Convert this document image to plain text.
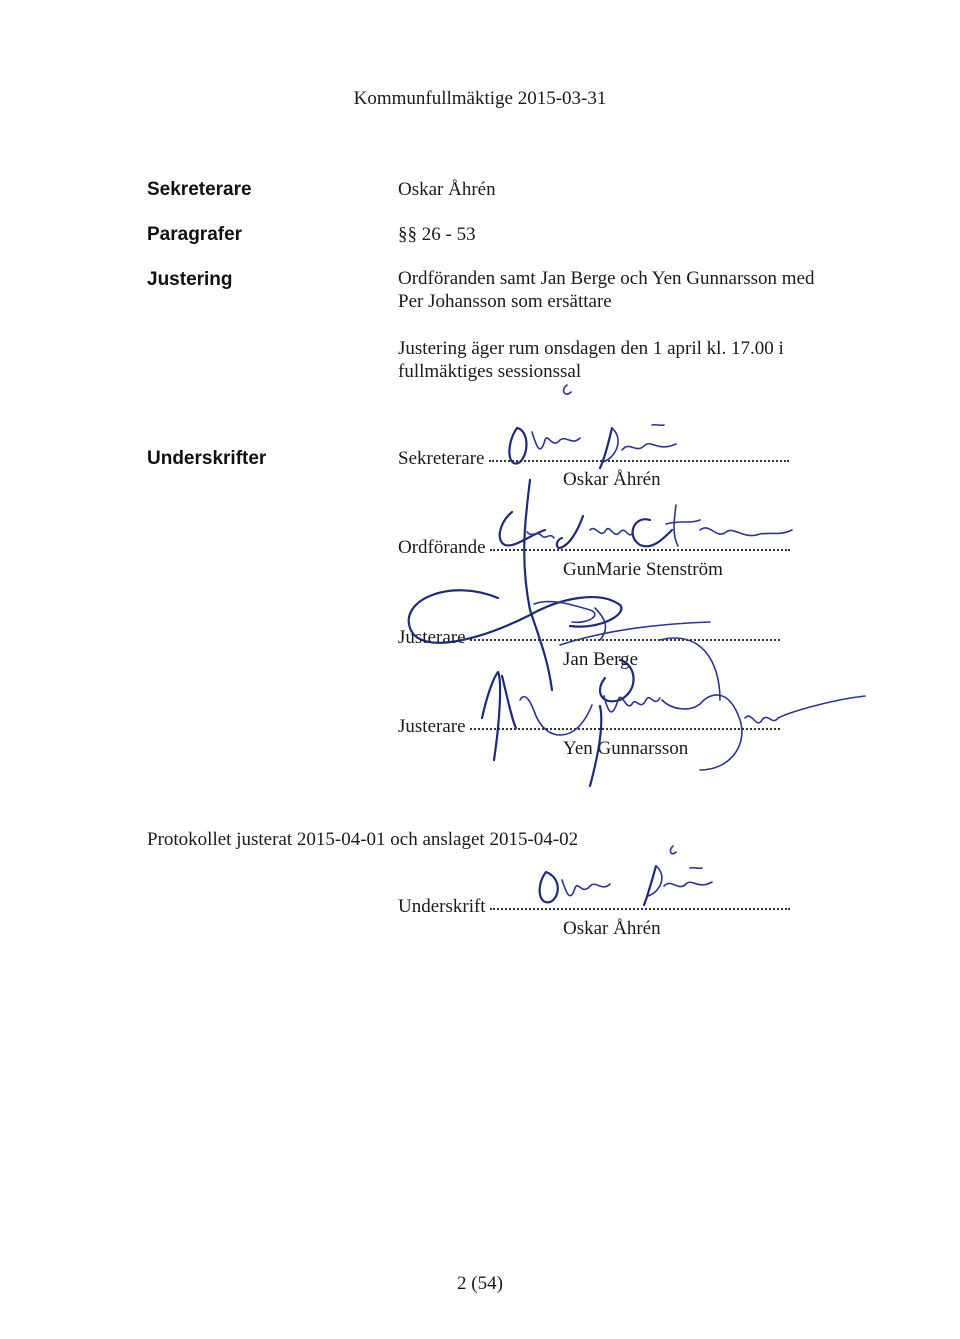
Kommunfullmäktige 2015-03-31
Sekreterare	Oskar Åhrén
Paragrafer	§§ 26 - 53
Justering	Ordföranden samt Jan Berge och Yen Gunnarsson med Per Johansson som ersättare
Justering äger rum onsdagen den 1 april kl. 17.00 i fullmäktiges sessionssal
Underskrifter	Sekreterare
Oskar Åhrén
Ordförande
GunMarie Stenström
Justerare
Jan Berge
Justerare
Yen Gunnarsson
Protokollet justerat 2015-04-01 och anslaget 2015-04-02
Underskrift
Oskar Åhrén
2 (54)
